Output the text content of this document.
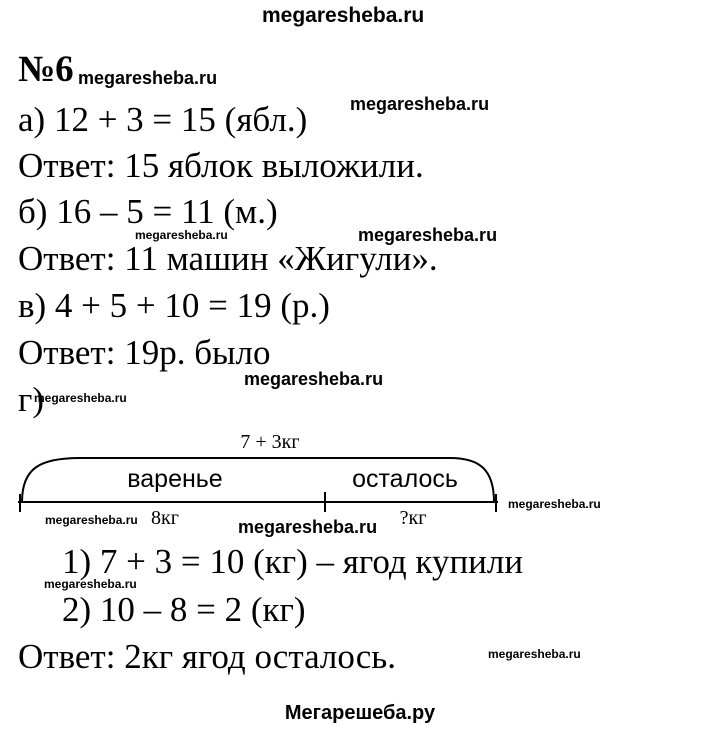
megaresheba.ru
megaresheba.ru
megaresheba.ru
megaresheba.ru	megaresheba.ru
megaresheba.ru
megaresheba.ru
megaresheba.ru
megaresheba.ru	megaresheba.ru
megaresheba.ru
megaresheba.ru
№6
а) 12 + 3 = 15 (ябл.)
Ответ: 15 яблок выложили.
б) 16 – 5 = 11 (м.)
Ответ: 11 машин «Жигули».
в) 4 + 5 + 10 = 19 (р.)
Ответ: 19р. было
г)
7 + 3кг
варенье	осталось
8кг	?кг
1) 7 + 3 = 10 (кг) – ягод купили
2) 10 – 8 = 2 (кг)
Ответ: 2кг ягод осталось.
Мегарешеба.ру
